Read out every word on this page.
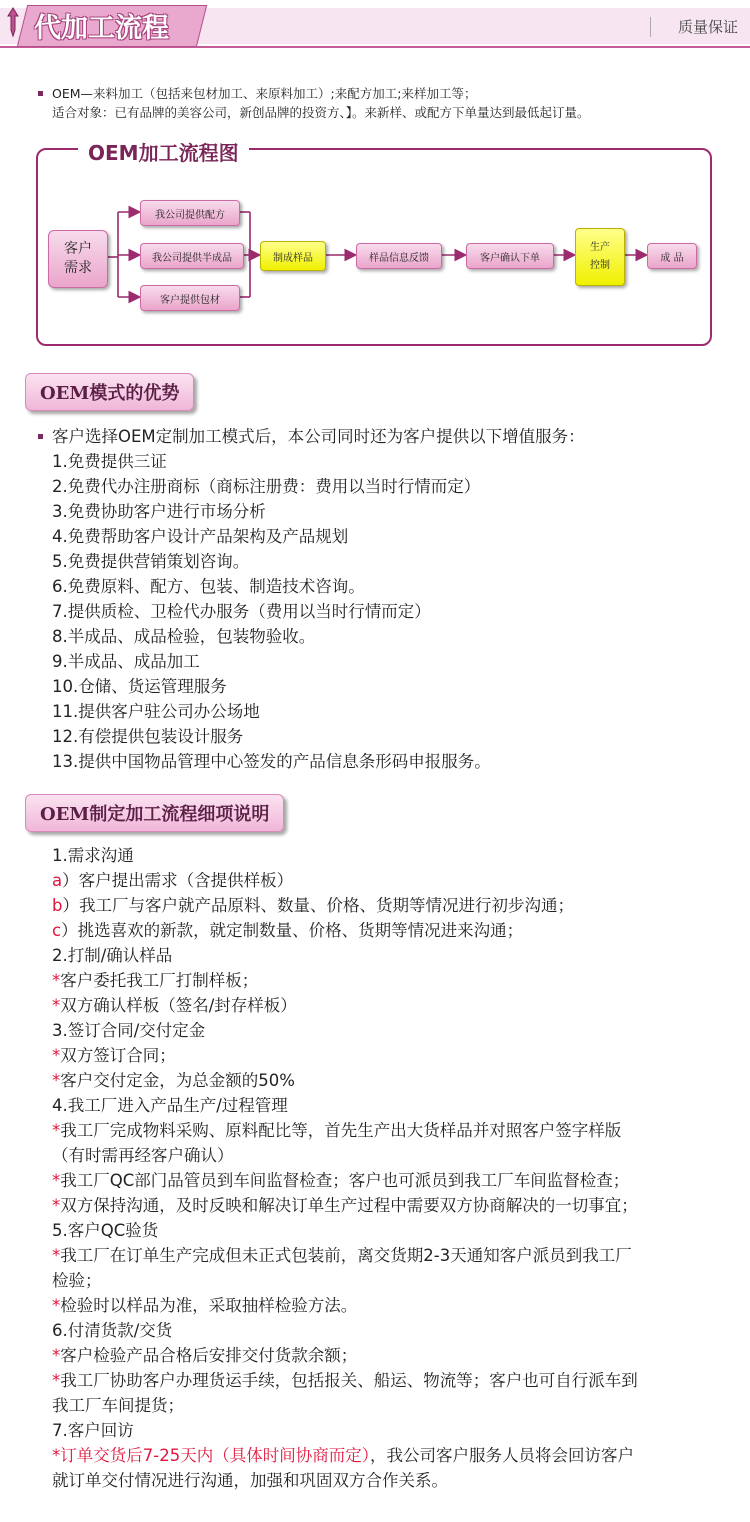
代加工流程	质量保证
OEM—来料加工（包括来包材加工、来原料加工）;来配方加工;来样加工等；
适合对象：已有品牌的美容公司，新创品牌的投资方、】。来新样、或配方下单量达到最低起订量。
OEM加工流程图
客户需求
我公司提供配方
我公司提供半成品
客户提供包材
制成样品	样品信息反馈	客户确认下单
生产控制
成 品
OEM模式的优势
客户选择OEM定制加工模式后，本公司同时还为客户提供以下增值服务：
1.免费提供三证
2.免费代办注册商标（商标注册费：费用以当时行情而定）
3.免费协助客户进行市场分析
4.免费帮助客户设计产品架构及产品规划
5.免费提供营销策划咨询。
6.免费原料、配方、包装、制造技术咨询。
7.提供质检、卫检代办服务（费用以当时行情而定）
8.半成品、成品检验，包装物验收。
9.半成品、成品加工
10.仓储、货运管理服务
11.提供客户驻公司办公场地
12.有偿提供包装设计服务
13.提供中国物品管理中心签发的产品信息条形码申报服务。
OEM制定加工流程细项说明
1.需求沟通
a）客户提出需求（含提供样板）
b）我工厂与客户就产品原料、数量、价格、货期等情况进行初步沟通；
c）挑选喜欢的新款，就定制数量、价格、货期等情况进来沟通；
2.打制/确认样品
*客户委托我工厂打制样板；
*双方确认样板（签名/封存样板）
3.签订合同/交付定金
*双方签订合同；
*客户交付定金，为总金额的50%
4.我工厂进入产品生产/过程管理
*我工厂完成物料采购、原料配比等，首先生产出大货样品并对照客户签字样版
（有时需再经客户确认）
*我工厂QC部门品管员到车间监督检查；客户也可派员到我工厂车间监督检查；
*双方保持沟通，及时反映和解决订单生产过程中需要双方协商解决的一切事宜；
5.客户QC验货
*我工厂在订单生产完成但未正式包装前，离交货期2-3天通知客户派员到我工厂
检验；
*检验时以样品为准，采取抽样检验方法。
6.付清货款/交货
*客户检验产品合格后安排交付货款余额；
*我工厂协助客户办理货运手续，包括报关、船运、物流等；客户也可自行派车到
我工厂车间提货；
7.客户回访
*订单交货后7-25天内（具体时间协商而定），我公司客户服务人员将会回访客户
就订单交付情况进行沟通，加强和巩固双方合作关系。
